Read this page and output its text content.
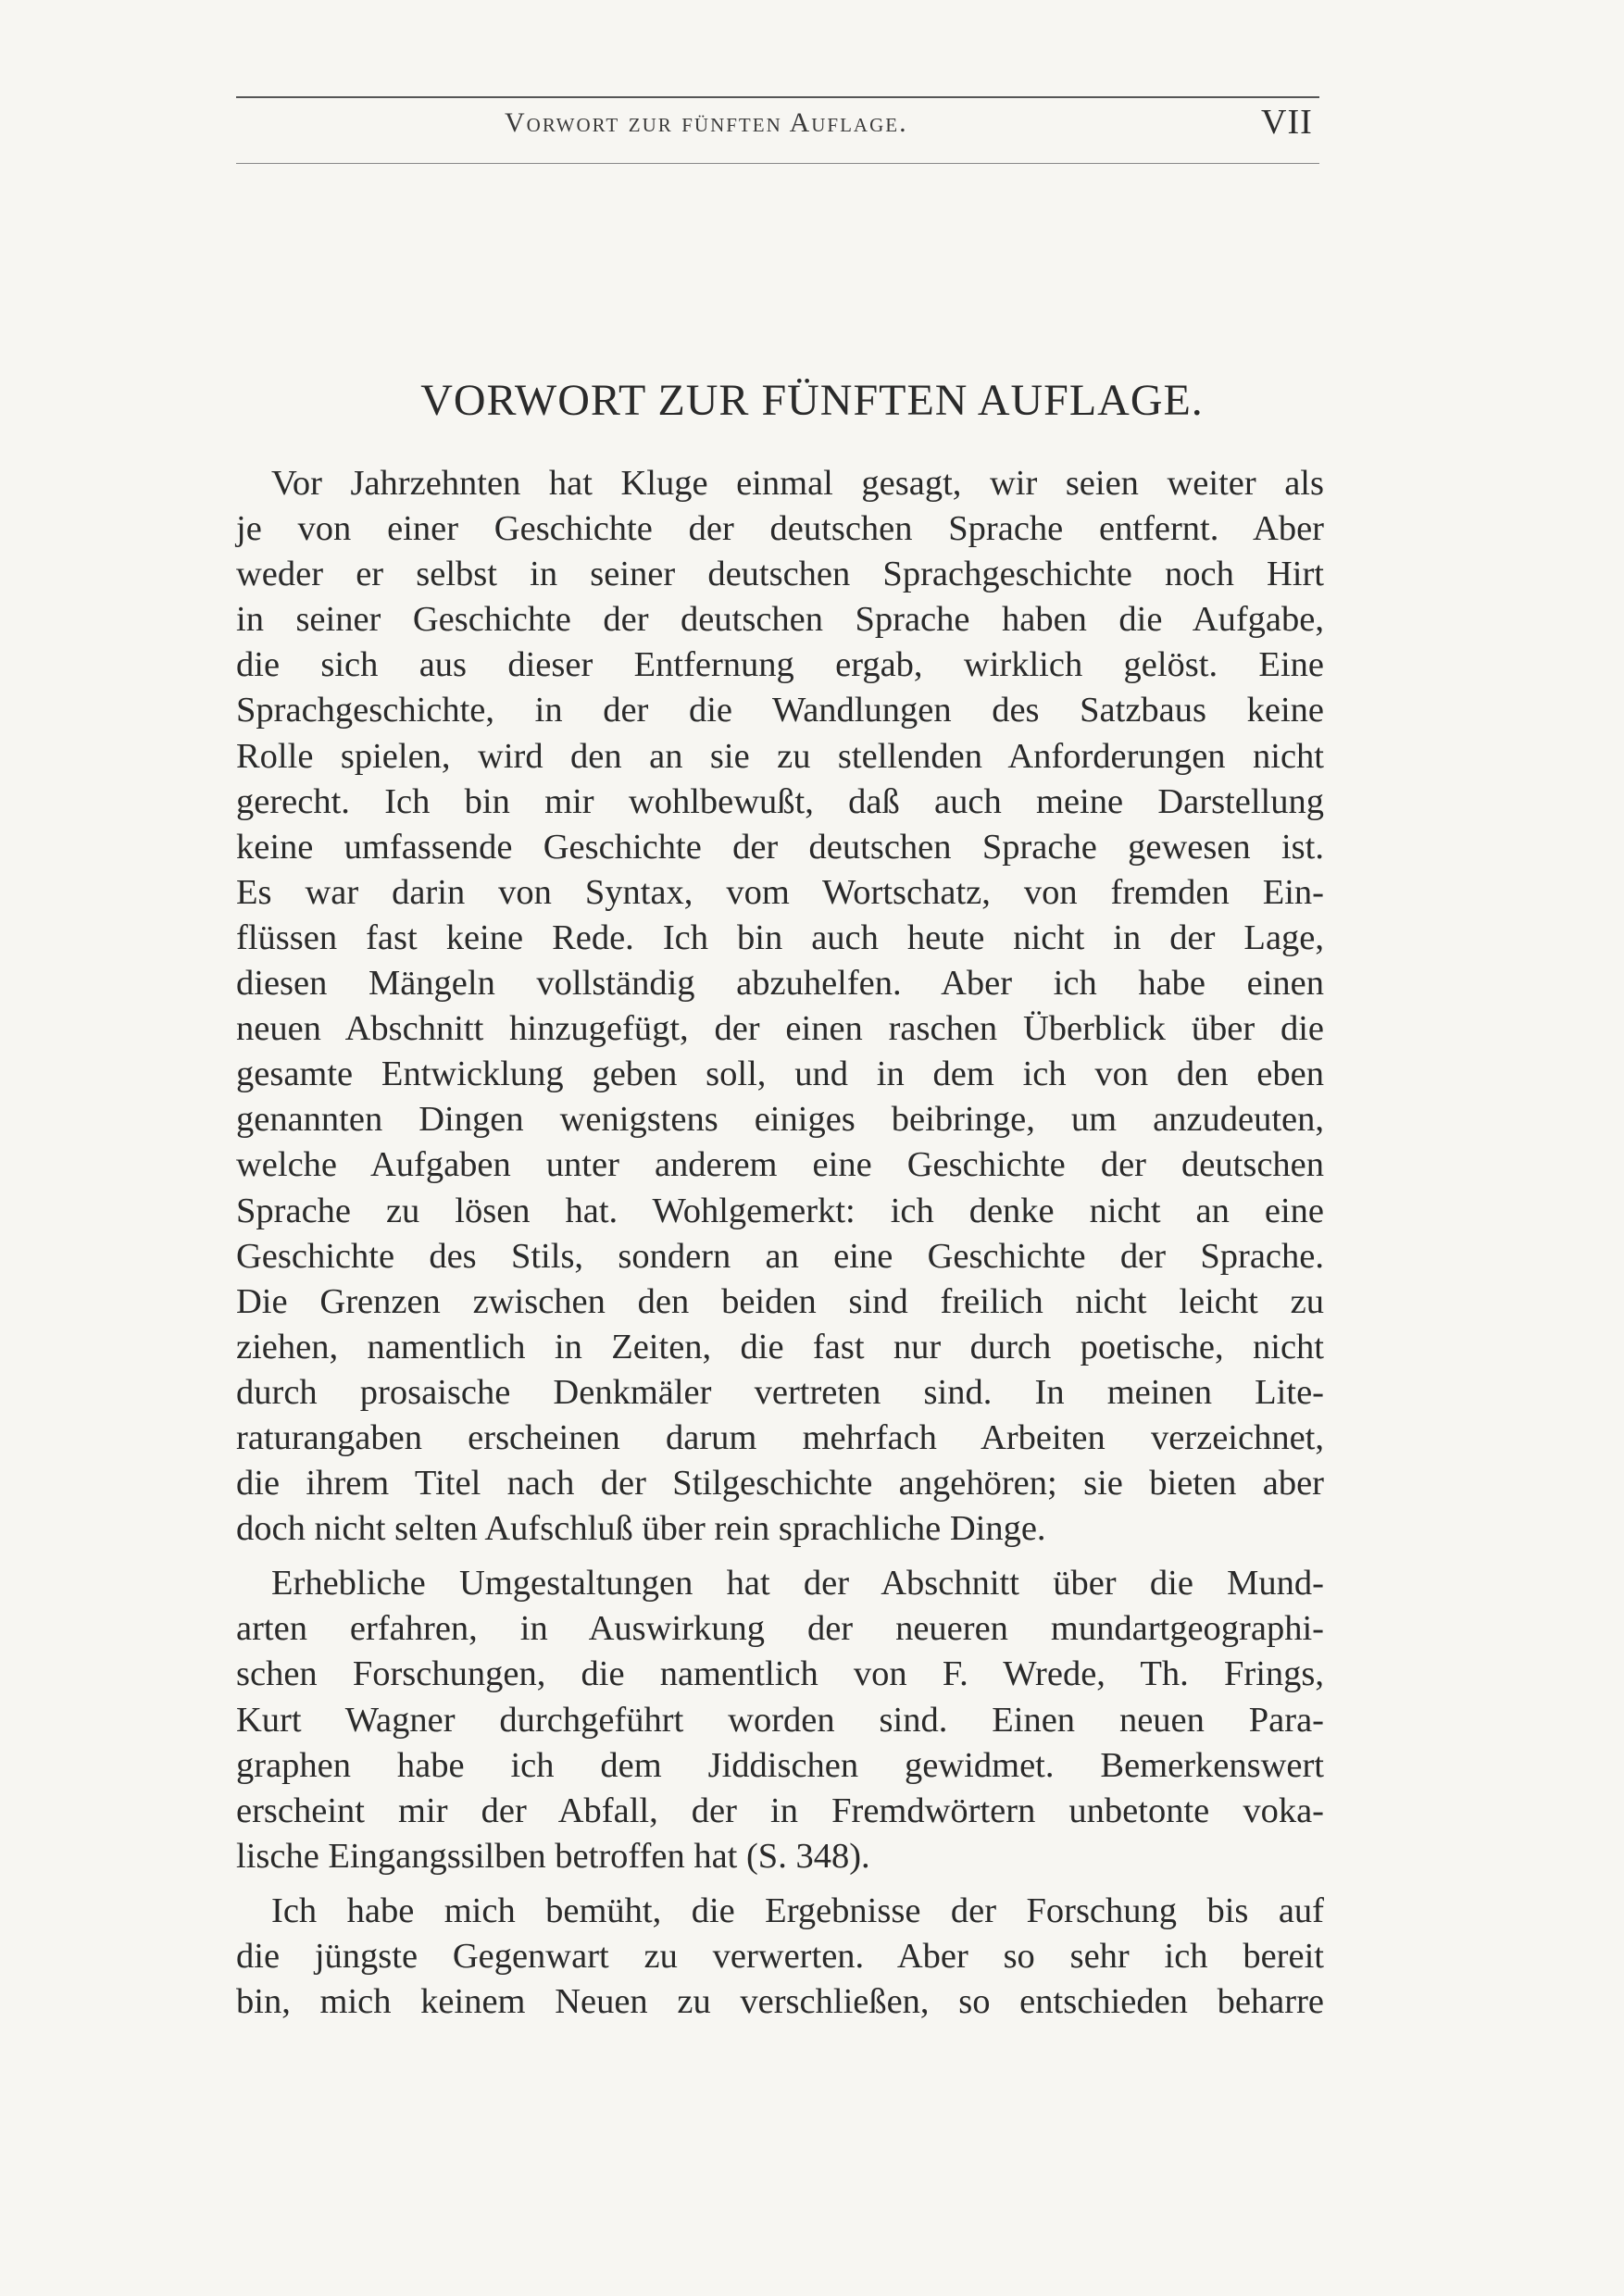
Vorwort zur fünften Auflage.	VII
VORWORT ZUR FÜNFTEN AUFLAGE.
Vor Jahrzehnten hat Kluge einmal gesagt, wir seien weiter als
je von einer Geschichte der deutschen Sprache entfernt. Aber
weder er selbst in seiner deutschen Sprachgeschichte noch Hirt
in seiner Geschichte der deutschen Sprache haben die Aufgabe,
die sich aus dieser Entfernung ergab, wirklich gelöst. Eine
Sprachgeschichte, in der die Wandlungen des Satzbaus keine
Rolle spielen, wird den an sie zu stellenden Anforderungen nicht
gerecht. Ich bin mir wohlbewußt, daß auch meine Darstellung
keine umfassende Geschichte der deutschen Sprache gewesen ist.
Es war darin von Syntax, vom Wortschatz, von fremden Ein-
flüssen fast keine Rede. Ich bin auch heute nicht in der Lage,
diesen Mängeln vollständig abzuhelfen. Aber ich habe einen
neuen Abschnitt hinzugefügt, der einen raschen Überblick über die
gesamte Entwicklung geben soll, und in dem ich von den eben
genannten Dingen wenigstens einiges beibringe, um anzudeuten,
welche Aufgaben unter anderem eine Geschichte der deutschen
Sprache zu lösen hat. Wohlgemerkt: ich denke nicht an eine
Geschichte des Stils, sondern an eine Geschichte der Sprache.
Die Grenzen zwischen den beiden sind freilich nicht leicht zu
ziehen, namentlich in Zeiten, die fast nur durch poetische, nicht
durch prosaische Denkmäler vertreten sind. In meinen Lite-
raturangaben erscheinen darum mehrfach Arbeiten verzeichnet,
die ihrem Titel nach der Stilgeschichte angehören; sie bieten aber
doch nicht selten Aufschluß über rein sprachliche Dinge.
Erhebliche Umgestaltungen hat der Abschnitt über die Mund-
arten erfahren, in Auswirkung der neueren mundartgeographi-
schen Forschungen, die namentlich von F. Wrede, Th. Frings,
Kurt Wagner durchgeführt worden sind. Einen neuen Para-
graphen habe ich dem Jiddischen gewidmet. Bemerkenswert
erscheint mir der Abfall, der in Fremdwörtern unbetonte voka-
lische Eingangssilben betroffen hat (S. 348).
Ich habe mich bemüht, die Ergebnisse der Forschung bis auf
die jüngste Gegenwart zu verwerten. Aber so sehr ich bereit
bin, mich keinem Neuen zu verschließen, so entschieden beharre
